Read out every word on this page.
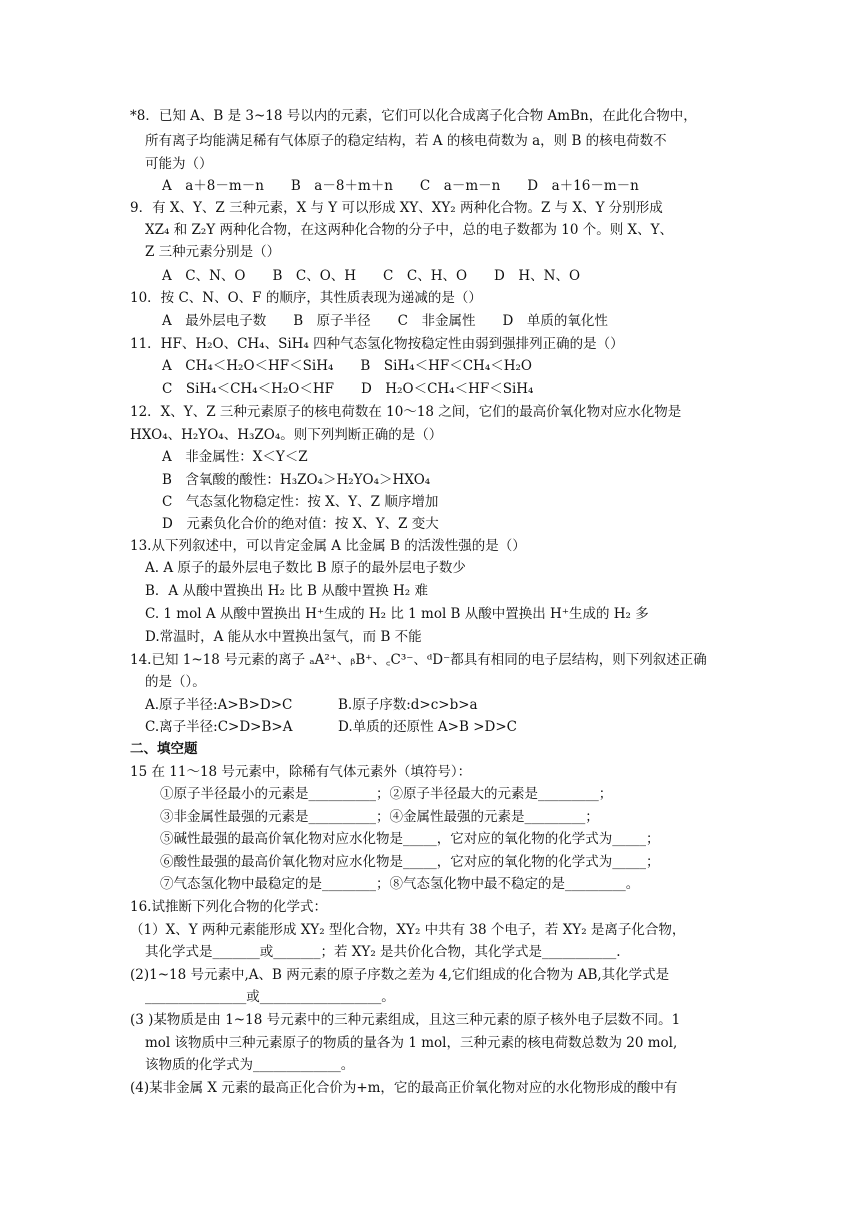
*8．已知 A、B 是 3~18 号以内的元素，它们可以化合成离子化合物 AmBn，在此化合物中，
所有离子均能满足稀有气体原子的稳定结构，若 A 的核电荷数为 a，则 B 的核电荷数不
可能为（）
A　a＋8－m－n　　B　a－8＋m＋n　　C　a－m－n　　D　a＋16－m－n
9．有 X、Y、Z 三种元素，X 与 Y 可以形成 XY、XY₂ 两种化合物。Z 与 X、Y 分别形成
XZ₄ 和 Z₂Y 两种化合物，在这两种化合物的分子中，总的电子数都为 10 个。则 X、Y、
Z 三种元素分别是（）
A　C、N、O　　B　C、O、H　　C　C、H、O　　D　H、N、O
10．按 C、N、O、F 的顺序，其性质表现为递减的是（）
A　最外层电子数　　B　原子半径　　C　非金属性　　D　单质的氧化性
11．HF、H₂O、CH₄、SiH₄ 四种气态氢化物按稳定性由弱到强排列正确的是（）
A　CH₄＜H₂O＜HF＜SiH₄　　B　SiH₄＜HF＜CH₄＜H₂O
C　SiH₄＜CH₄＜H₂O＜HF　　D　H₂O＜CH₄＜HF＜SiH₄
12．X、Y、Z 三种元素原子的核电荷数在 10～18 之间，它们的最高价氧化物对应水化物是
HXO₄、H₂YO₄、H₃ZO₄。则下列判断正确的是（）
A　非金属性：X＜Y＜Z
B　含氧酸的酸性：H₃ZO₄＞H₂YO₄＞HXO₄
C　气态氢化物稳定性：按 X、Y、Z 顺序增加
D　元素负化合价的绝对值：按 X、Y、Z 变大
13.从下列叙述中，可以肯定金属 A 比金属 B 的活泼性强的是（）
A. A 原子的最外层电子数比 B 原子的最外层电子数少
B．A 从酸中置换出 H₂ 比 B 从酸中置换 H₂ 难
C. 1 mol A 从酸中置换出 H⁺生成的 H₂ 比 1 mol B 从酸中置换出 H⁺生成的 H₂ 多
D.常温时，A 能从水中置换出氢气，而 B 不能
14.已知 1~18 号元素的离子 ₐA²⁺、ᵦB⁺、꜀C³⁻、ᵈD⁻都具有相同的电子层结构，则下列叙述正确
的是（）。
A.原子半径:A>B>D>C	B.原子序数:d>c>b>a
C.离子半径:C>D>B>A	D.单质的还原性 A>B >D>C
二、填空题
15 在 11～18 号元素中，除稀有气体元素外（填符号）：
①原子半径最小的元素是__________；②原子半径最大的元素是_________；
③非金属性最强的元素是__________；④金属性最强的元素是_________；
⑤碱性最强的最高价氧化物对应水化物是_____，它对应的氧化物的化学式为_____；
⑥酸性最强的最高价氧化物对应水化物是_____，它对应的氧化物的化学式为_____；
⑦气态氢化物中最稳定的是________；⑧气态氢化物中最不稳定的是_________。
16.试推断下列化合物的化学式：
（1）X、Y 两种元素能形成 XY₂ 型化合物，XY₂ 中共有 38 个电子，若 XY₂ 是离子化合物，
其化学式是_______或_______；若 XY₂ 是共价化合物，其化学式是___________.
(2)1~18 号元素中,A、B 两元素的原子序数之差为 4,它们组成的化合物为 AB,其化学式是
_______________或__________________。
(3 )某物质是由 1~18 号元素中的三种元素组成，且这三种元素的原子核外电子层数不同。1
mol 该物质中三种元素原子的物质的量各为 1 mol，三种元素的核电荷数总数为 20 mol,
该物质的化学式为_____________。
(4)某非金属 X 元素的最高正化合价为+m，它的最高正价氧化物对应的水化物形成的酸中有
